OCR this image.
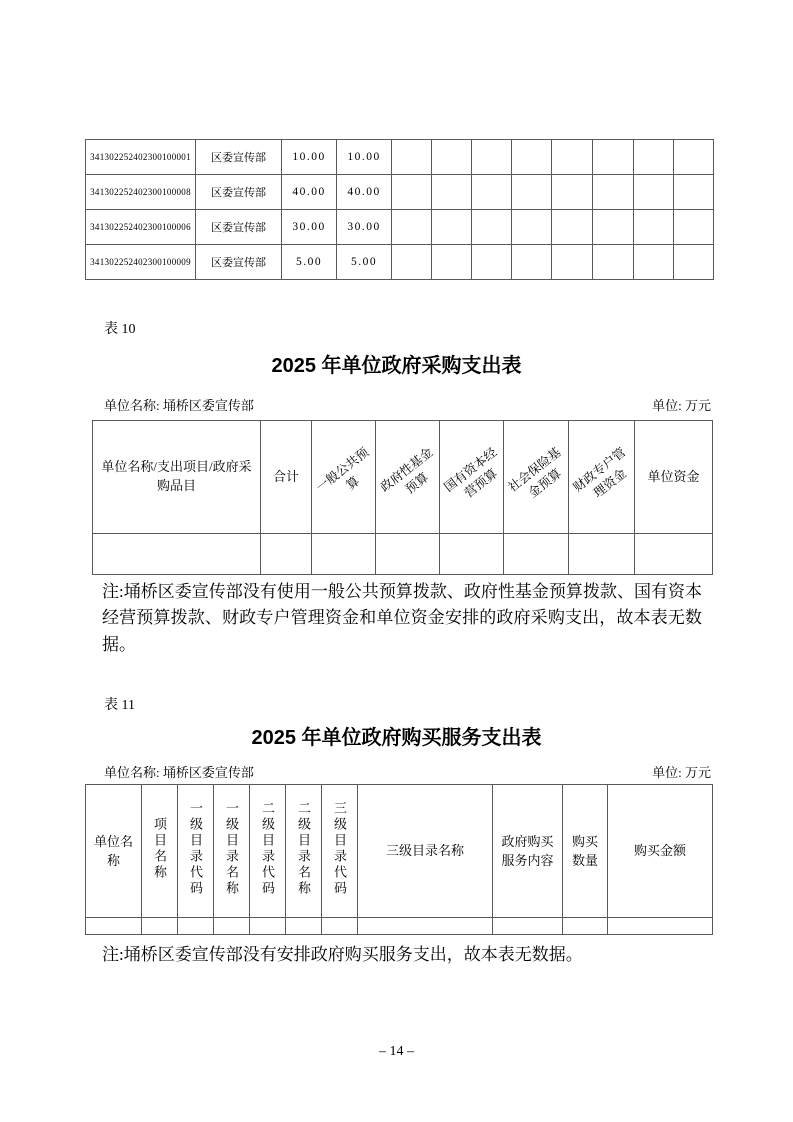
341302252402300100001	区委宣传部	10.00	10.00								
341302252402300100008	区委宣传部	40.00	40.00								
341302252402300100006	区委宣传部	30.00	30.00								
341302252402300100009	区委宣传部	5.00	5.00								
表 10
2025 年单位政府采购支出表
单位名称: 埇桥区委宣传部	单位: 万元
单位名称/支出项目/政府采购品目	合计	一般公共预算	政府性基金预算	国有资本经营预算	社会保险基金预算	财政专户管理资金	单位资金

注:埇桥区委宣传部没有使用一般公共预算拨款、政府性基金预算拨款、国有资本经营预算拨款、财政专户管理资金和单位资金安排的政府采购支出，故本表无数据。
表 11
2025 年单位政府购买服务支出表
单位名称: 埇桥区委宣传部	单位: 万元
单位名称	项目名称	一级目录代码	一级目录名称	二级目录代码	二级目录名称	三级目录代码	三级目录名称	政府购买服务内容	购买数量	购买金额

注:埇桥区委宣传部没有安排政府购买服务支出，故本表无数据。
– 14 –
